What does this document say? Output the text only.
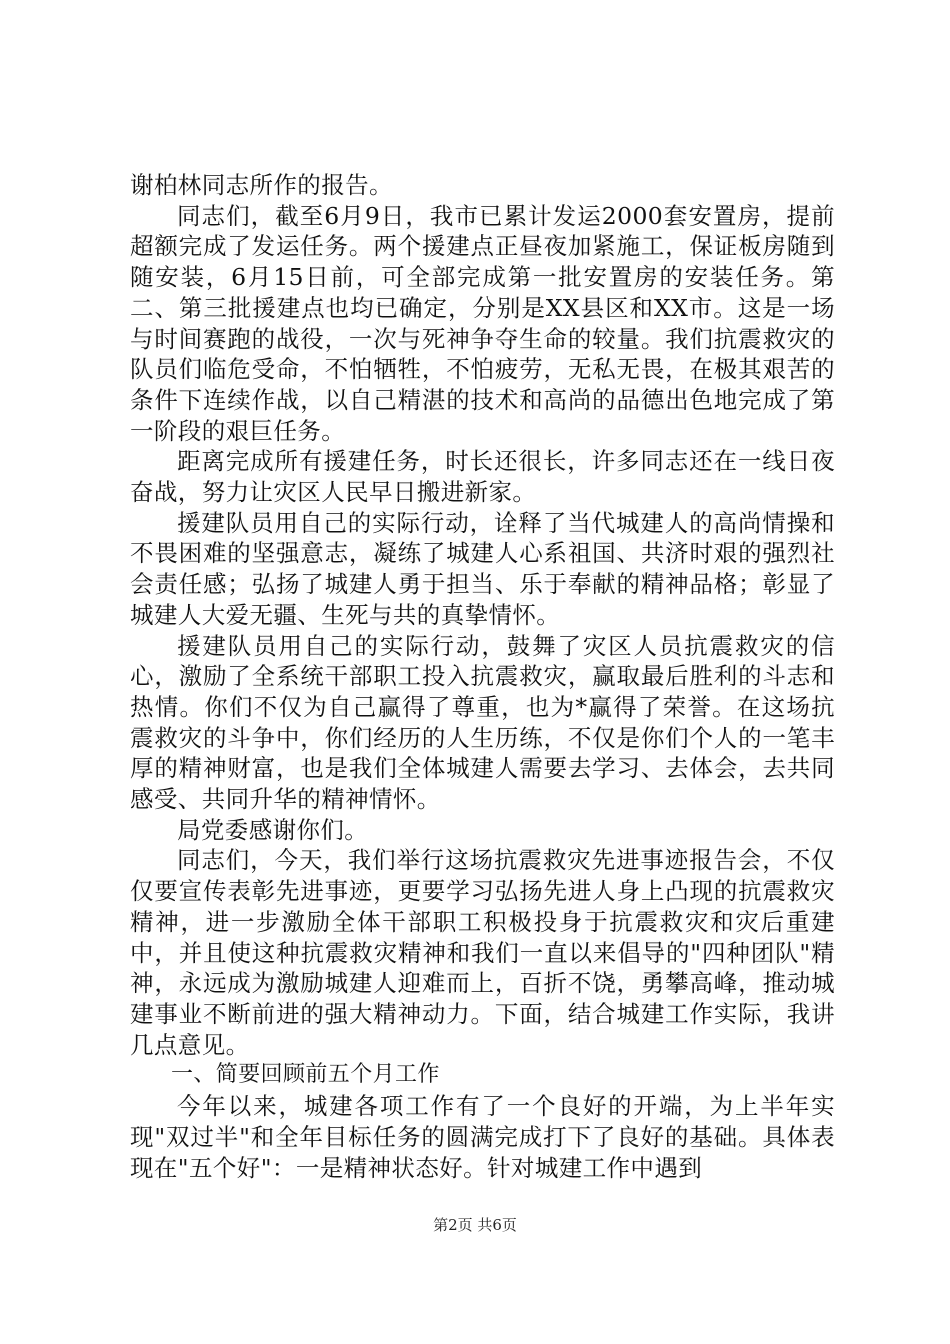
谢柏林同志所作的报告。

同志们，截至6月9日，我市已累计发运2000套安置房，提前超额完成了发运任务。两个援建点正昼夜加紧施工，保证板房随到随安装，6月15日前，可全部完成第一批安置房的安装任务。第二、第三批援建点也均已确定，分别是XX县区和XX市。这是一场与时间赛跑的战役，一次与死神争夺生命的较量。我们抗震救灾的队员们临危受命，不怕牺牲，不怕疲劳，无私无畏，在极其艰苦的条件下连续作战，以自己精湛的技术和高尚的品德出色地完成了第一阶段的艰巨任务。

距离完成所有援建任务，时长还很长，许多同志还在一线日夜奋战，努力让灾区人民早日搬进新家。

援建队员用自己的实际行动，诠释了当代城建人的高尚情操和不畏困难的坚强意志，凝练了城建人心系祖国、共济时艰的强烈社会责任感；弘扬了城建人勇于担当、乐于奉献的精神品格；彰显了城建人大爱无疆、生死与共的真挚情怀。

援建队员用自己的实际行动，鼓舞了灾区人员抗震救灾的信心，激励了全系统干部职工投入抗震救灾，赢取最后胜利的斗志和热情。你们不仅为自己赢得了尊重，也为*赢得了荣誉。在这场抗震救灾的斗争中，你们经历的人生历练，不仅是你们个人的一笔丰厚的精神财富，也是我们全体城建人需要去学习、去体会，去共同感受、共同升华的精神情怀。

局党委感谢你们。

同志们，今天，我们举行这场抗震救灾先进事迹报告会，不仅仅要宣传表彰先进事迹，更要学习弘扬先进人身上凸现的抗震救灾精神，进一步激励全体干部职工积极投身于抗震救灾和灾后重建中，并且使这种抗震救灾精神和我们一直以来倡导的"四种团队"精神，永远成为激励城建人迎难而上，百折不饶，勇攀高峰，推动城建事业不断前进的强大精神动力。下面，结合城建工作实际，我讲几点意见。

一、简要回顾前五个月工作

今年以来，城建各项工作有了一个良好的开端，为上半年实现"双过半"和全年目标任务的圆满完成打下了良好的基础。具体表现在"五个好"：一是精神状态好。针对城建工作中遇到

第2页 共6页
